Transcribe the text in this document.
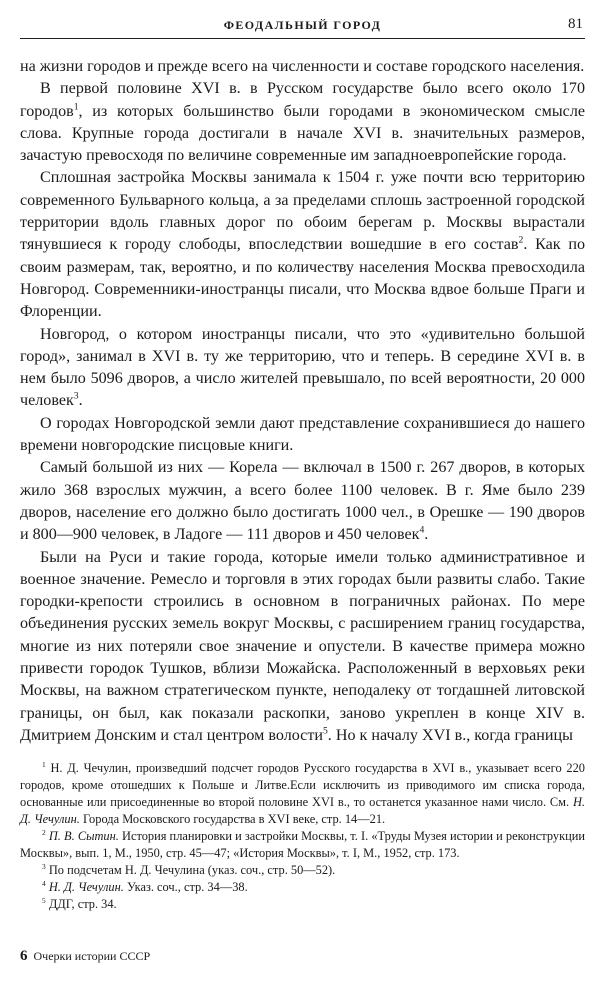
ФЕОДАЛЬНЫЙ ГОРОД	81

на жизни городов и прежде всего на численности и составе городского населения.

В первой половине XVI в. в Русском государстве было всего около 170 городов$^1$, из которых большинство были городами в экономическом смысле слова. Крупные города достигали в начале XVI в. значительных размеров, зачастую превосходя по величине современные им западноевропейские города.

Сплошная застройка Москвы занимала к 1504 г. уже почти всю территорию современного Бульварного кольца, а за пределами сплошь застроенной городской территории вдоль главных дорог по обоим берегам р. Москвы вырастали тянувшиеся к городу слободы, впоследствии вошедшие в его состав$^2$. Как по своим размерам, так, вероятно, и по количеству населения Москва превосходила Новгород. Современники-иностранцы писали, что Москва вдвое больше Праги и Флоренции.

Новгород, о котором иностранцы писали, что это «удивительно большой город», занимал в XVI в. ту же территорию, что и теперь. В середине XVI в. в нем было 5096 дворов, а число жителей превышало, по всей вероятности, 20 000 человек$^3$.

О городах Новгородской земли дают представление сохранившиеся до нашего времени новгородские писцовые книги.

Самый большой из них — Корела — включал в 1500 г. 267 дворов, в которых жило 368 взрослых мужчин, а всего более 1100 человек. В г. Яме было 239 дворов, население его должно было достигать 1000 чел., в Орешке — 190 дворов и 800—900 человек, в Ладоге — 111 дворов и 450 человек$^4$.

Были на Руси и такие города, которые имели только административное и военное значение. Ремесло и торговля в этих городах были развиты слабо. Такие городки-крепости строились в основном в пограничных районах. По мере объединения русских земель вокруг Москвы, с расширением границ государства, многие из них потеряли свое значение и опустели. В качестве примера можно привести городок Тушков, вблизи Можайска. Расположенный в верховьях реки Москвы, на важном стратегическом пункте, неподалеку от тогдашней литовской границы, он был, как показали раскопки, заново укреплен в конце XIV в. Дмитрием Донским и стал центром волости$^5$. Но к началу XVI в., когда границы

$^1$ Н. Д. Чечулин, произведший подсчет городов Русского государства в XVI в., указывает всего 220 городов, кроме отошедших к Польше и Литве.Если исключить из приводимого им списка города, основанные или присоединенные во второй половине XVI в., то останется указанное нами число. См. Н. Д. Чечулин. Города Московского государства в XVI веке, стр. 14—21.

$^2$ П. В. Сытин. История планировки и застройки Москвы, т. I. «Труды Музея истории и реконструкции Москвы», вып. 1, М., 1950, стр. 45—47; «История Москвы», т. I, М., 1952, стр. 173.

$^3$ По подсчетам Н. Д. Чечулина (указ. соч., стр. 50—52).

$^4$ Н. Д. Чечулин. Указ. соч., стр. 34—38.

$^5$ ДДГ, стр. 34.

6 Очерки истории СССР
